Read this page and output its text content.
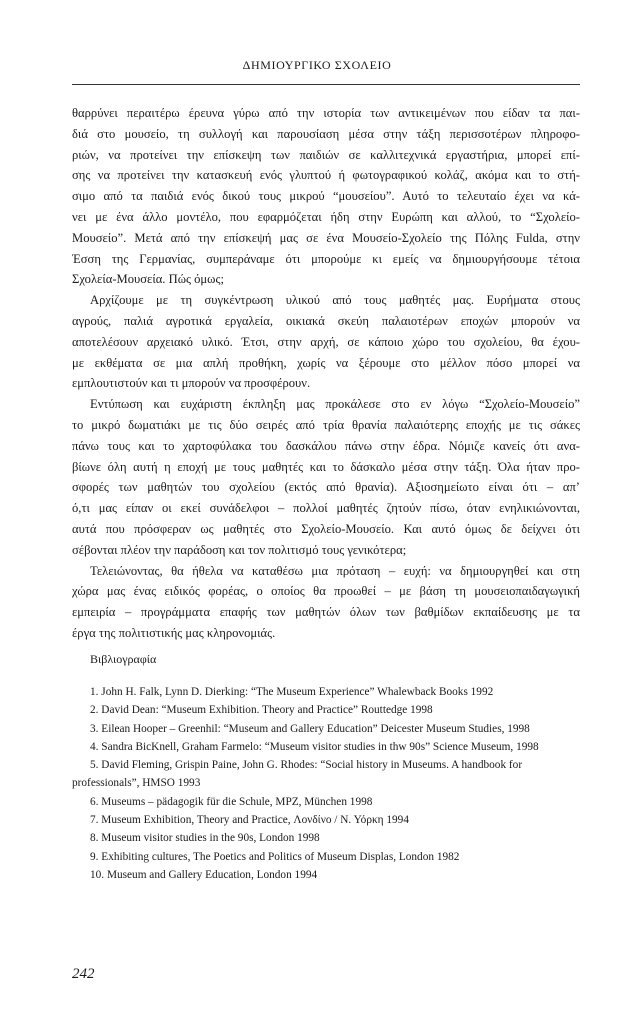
ΔΗΜΙΟΥΡΓΙΚΟ ΣΧΟΛΕΙΟ
θαρρύνει περαιτέρω έρευνα γύρω από την ιστορία των αντικειμένων που είδαν τα παι-
διά στο μουσείο, τη συλλογή και παρουσίαση μέσα στην τάξη περισσοτέρων πληροφο-
ριών, να προτείνει την επίσκεψη των παιδιών σε καλλιτεχνικά εργαστήρια, μπορεί επί-
σης να προτείνει την κατασκευή ενός γλυπτού ή φωτογραφικού κολάζ, ακόμα και το στή-
σιμο από τα παιδιά ενός δικού τους μικρού “μουσείου”. Αυτό το τελευταίο έχει να κά-
νει με ένα άλλο μοντέλο, που εφαρμόζεται ήδη στην Ευρώπη και αλλού, το “Σχολείο-
Μουσείο”. Μετά από την επίσκεψή μας σε ένα Μουσείο-Σχολείο της Πόλης Fulda, στην
Έσση της Γερμανίας, συμπεράναμε ότι μπορούμε κι εμείς να δημιουργήσουμε τέτοια
Σχολεία-Μουσεία. Πώς όμως;
Αρχίζουμε με τη συγκέντρωση υλικού από τους μαθητές μας. Ευρήματα στους
αγρούς, παλιά αγροτικά εργαλεία, οικιακά σκεύη παλαιοτέρων εποχών μπορούν να
αποτελέσουν αρχειακό υλικό. Έτσι, στην αρχή, σε κάποιο χώρο του σχολείου, θα έχου-
με εκθέματα σε μια απλή προθήκη, χωρίς να ξέρουμε στο μέλλον πόσο μπορεί να
εμπλουτιστούν και τι μπορούν να προσφέρουν.
Εντύπωση και ευχάριστη έκπληξη μας προκάλεσε στο εν λόγω “Σχολείο-Μουσείο”
το μικρό δωματιάκι με τις δύο σειρές από τρία θρανία παλαιότερης εποχής με τις σάκες
πάνω τους και το χαρτοφύλακα του δασκάλου πάνω στην έδρα. Νόμιζε κανείς ότι ανα-
βίωνε όλη αυτή η εποχή με τους μαθητές και το δάσκαλο μέσα στην τάξη. Όλα ήταν προ-
σφορές των μαθητών του σχολείου (εκτός από θρανία). Αξιοσημείωτο είναι ότι – απ’
ό,τι μας είπαν οι εκεί συνάδελφοι – πολλοί μαθητές ζητούν πίσω, όταν ενηλικιώνονται,
αυτά που πρόσφεραν ως μαθητές στο Σχολείο-Μουσείο. Και αυτό όμως δε δείχνει ότι
σέβονται πλέον την παράδοση και τον πολιτισμό τους γενικότερα;
Τελειώνοντας, θα ήθελα να καταθέσω μια πρόταση – ευχή: να δημιουργηθεί και στη
χώρα μας ένας ειδικός φορέας, ο οποίος θα προωθεί – με βάση τη μουσειοπαιδαγωγική
εμπειρία – προγράμματα επαφής των μαθητών όλων των βαθμίδων εκπαίδευσης με τα
έργα της πολιτιστικής μας κληρονομιάς.
Βιβλιογραφία
1. John H. Falk, Lynn D. Dierking: “The Museum Experience” Whalewback Books 1992
2. David Dean: “Museum Exhibition. Theory and Practice” Routtedge 1998
3. Eilean Hooper – Greenhil: “Museum and Gallery Education” Deicester Museum Studies, 1998
4. Sandra BicKnell, Graham Farmelo: “Museum visitor studies in thw 90s” Science Museum, 1998
5. David Fleming, Grispin Paine, John G. Rhodes: “Social history in Museums. A handbook for
professionals”, HMSO 1993
6. Museums – pädagogik für die Schule, MPZ, München 1998
7. Museum Exhibition, Theory and Practice, Λονδίνο / Ν. Υόρκη 1994
8. Museum visitor studies in the 90s, London 1998
9. Exhibiting cultures, The Poetics and Politics of Museum Displas, London 1982
10. Museum and Gallery Education, London 1994
242
